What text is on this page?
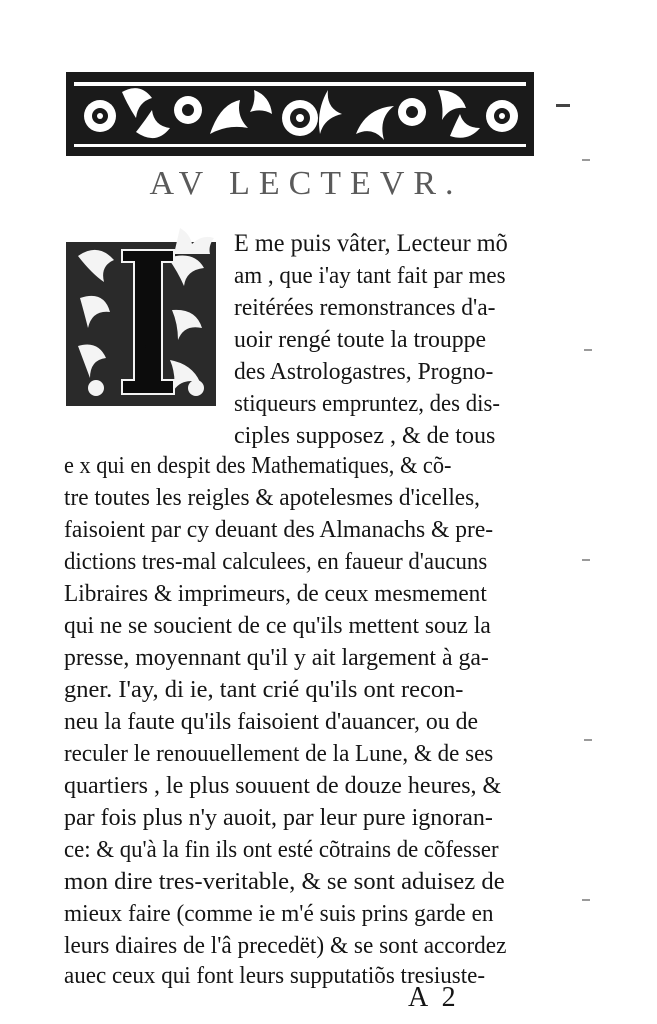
AV LECTEVR.
I
E me puis vâter, Lecteur mõ
am , que i'ay tant fait par mes
reitérées remonstrances d'a-
uoir rengé toute la trouppe
des Astrologastres, Progno-
stiqueurs empruntez, des dis-
ciples supposez , & de tous
e x qui en despit des Mathematiques, & cõ-
tre toutes les reigles & apotelesmes d'icelles,
faisoient par cy deuant des Almanachs & pre-
dictions tres-mal calculees, en faueur d'aucuns
Libraires & imprimeurs, de ceux mesmement
qui ne se soucient de ce qu'ils mettent souz la
presse, moyennant qu'il y ait largement à ga-
gner. I'ay, di ie, tant crié qu'ils ont recon-
neu la faute qu'ils faisoient d'auancer, ou de
reculer le renouuellement de la Lune, & de ses
quartiers , le plus souuent de douze heures, &
par fois plus n'y auoit, par leur pure ignoran-
ce: & qu'à la fin ils ont esté cõtrains de cõfesser
mon dire tres-veritable, & se sont aduisez de
mieux faire (comme ie m'é suis prins garde en
leurs diaires de l'â precedët) & se sont accordez
auec ceux qui font leurs supputatiõs tresiuste-
A 2
